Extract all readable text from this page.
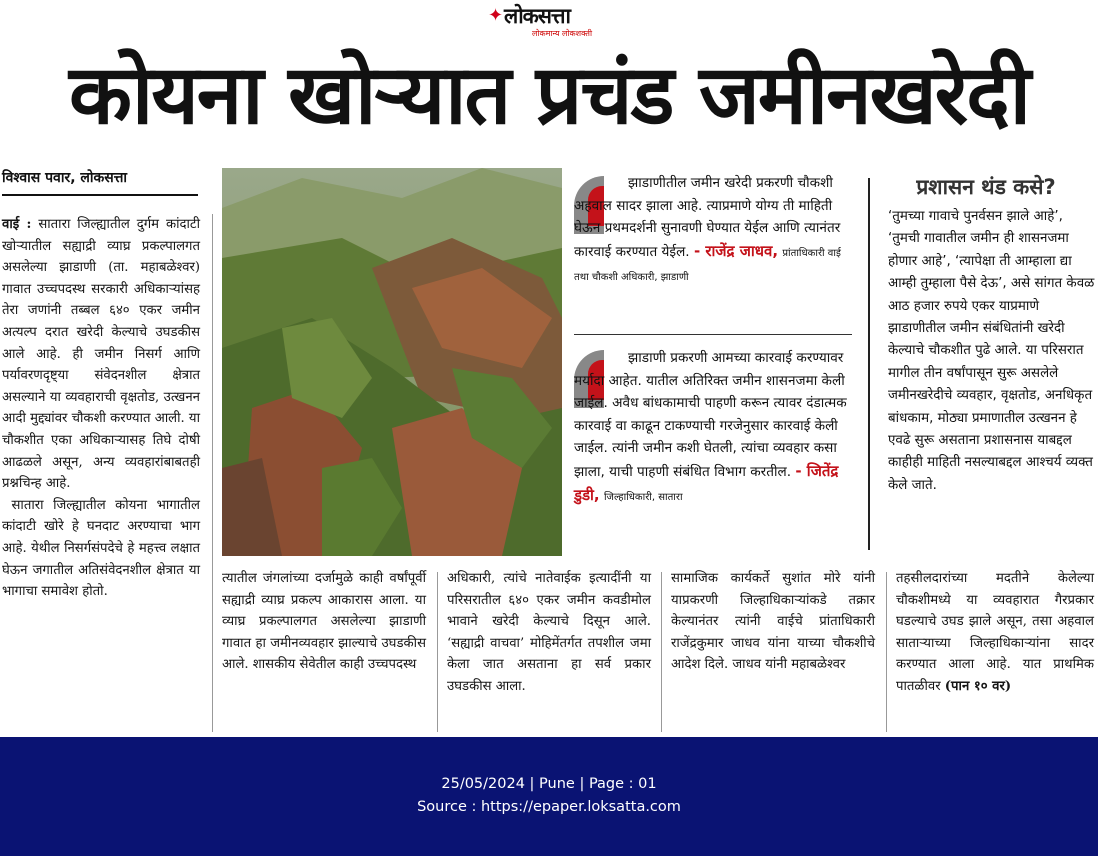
✦ लोकसत्ता
लोकमान्य लोकशक्ती
कोयना खोऱ्यात प्रचंड जमीनखरेदी
विश्वास पवार, लोकसत्ता
वाई : सातारा जिल्ह्यातील दुर्गम कांदाटी खोऱ्यातील सह्याद्री व्याघ्र प्रकल्पालगत असलेल्या झाडाणी (ता. महाबळेश्वर) गावात उच्चपदस्थ सरकारी अधिकाऱ्यांसह तेरा जणांनी तब्बल ६४० एकर जमीन अत्यल्प दरात खरेदी केल्याचे उघडकीस आले आहे. ही जमीन निसर्ग आणि पर्यावरणदृष्ट्या संवेदनशील क्षेत्रात असल्याने या व्यवहाराची वृक्षतोड, उत्खनन आदी मुद्द्यांवर चौकशी करण्यात आली. या चौकशीत एका अधिकाऱ्यासह तिघे दोषी आढळले असून, अन्य व्यवहारांबाबतही प्रश्नचिन्ह आहे.
सातारा जिल्ह्यातील कोयना भागातील कांदाटी खोरे हे घनदाट अरण्याचा भाग आहे. येथील निसर्गसंपदेचे हे महत्त्व लक्षात घेऊन जगातील अतिसंवेदनशील क्षेत्रात या भागाचा समावेश होतो.
झाडाणीतील जमीन खरेदी प्रकरणी चौकशी अहवाल सादर झाला आहे. त्याप्रमाणे योग्य ती माहिती घेऊन प्रथमदर्शनी सुनावणी घेण्यात येईल आणि त्यानंतर कारवाई करण्यात येईल. - राजेंद्र जाधव, प्रांताधिकारी वाई तथा चौकशी अधिकारी, झाडाणी
झाडाणी प्रकरणी आमच्या कारवाई करण्यावर मर्यादा आहेत. यातील अतिरिक्त जमीन शासनजमा केली जाईल. अवैध बांधकामाची पाहणी करून त्यावर दंडात्मक कारवाई वा काढून टाकण्याची गरजेनुसार कारवाई केली जाईल. त्यांनी जमीन कशी घेतली, त्यांचा व्यवहार कसा झाला, याची पाहणी संबंधित विभाग करतील. - जितेंद्र डुडी, जिल्हाधिकारी, सातारा
प्रशासन थंड कसे?
‘तुमच्या गावाचे पुनर्वसन झाले आहे’, ‘तुमची गावातील जमीन ही शासनजमा होणार आहे’, ‘त्यापेक्षा ती आम्हाला द्या आम्ही तुम्हाला पैसे देऊ’, असे सांगत केवळ आठ हजार रुपये एकर याप्रमाणे झाडाणीतील जमीन संबंधितांनी खरेदी केल्याचे चौकशीत पुढे आले. या परिसरात मागील तीन वर्षांपासून सुरू असलेले जमीनखरेदीचे व्यवहार, वृक्षतोड, अनधिकृत बांधकाम, मोठ्या प्रमाणातील उत्खनन हे एवढे सुरू असताना प्रशासनास याबद्दल काहीही माहिती नसल्याबद्दल आश्चर्य व्यक्त केले जाते.
त्यातील जंगलांच्या दर्जामुळे काही वर्षांपूर्वी सह्याद्री व्याघ्र प्रकल्प आकारास आला. या व्याघ्र प्रकल्पालगत असलेल्या झाडाणी गावात हा जमीनव्यवहार झाल्याचे उघडकीस आले. शासकीय सेवेतील काही उच्चपदस्थ
अधिकारी, त्यांचे नातेवाईक इत्यादींनी या परिसरातील ६४० एकर जमीन कवडीमोल भावाने खरेदी केल्याचे दिसून आले. ‘सह्याद्री वाचवा’ मोहिमेंतर्गत तपशील जमा केला जात असताना हा सर्व प्रकार उघडकीस आला.
सामाजिक कार्यकर्ते सुशांत मोरे यांनी याप्रकरणी जिल्हाधिकाऱ्यांकडे तक्रार केल्यानंतर त्यांनी वाईचे प्रांताधिकारी राजेंद्रकुमार जाधव यांना याच्या चौकशीचे आदेश दिले. जाधव यांनी महाबळेश्वर
तहसीलदारांच्या मदतीने केलेल्या चौकशीमध्ये या व्यवहारात गैरप्रकार घडल्याचे उघड झाले असून, तसा अहवाल साताऱ्याच्या जिल्हाधिकाऱ्यांना सादर करण्यात आला आहे. यात प्राथमिक पातळीवर (पान १० वर)
25/05/2024 | Pune | Page : 01
Source : https://epaper.loksatta.com
